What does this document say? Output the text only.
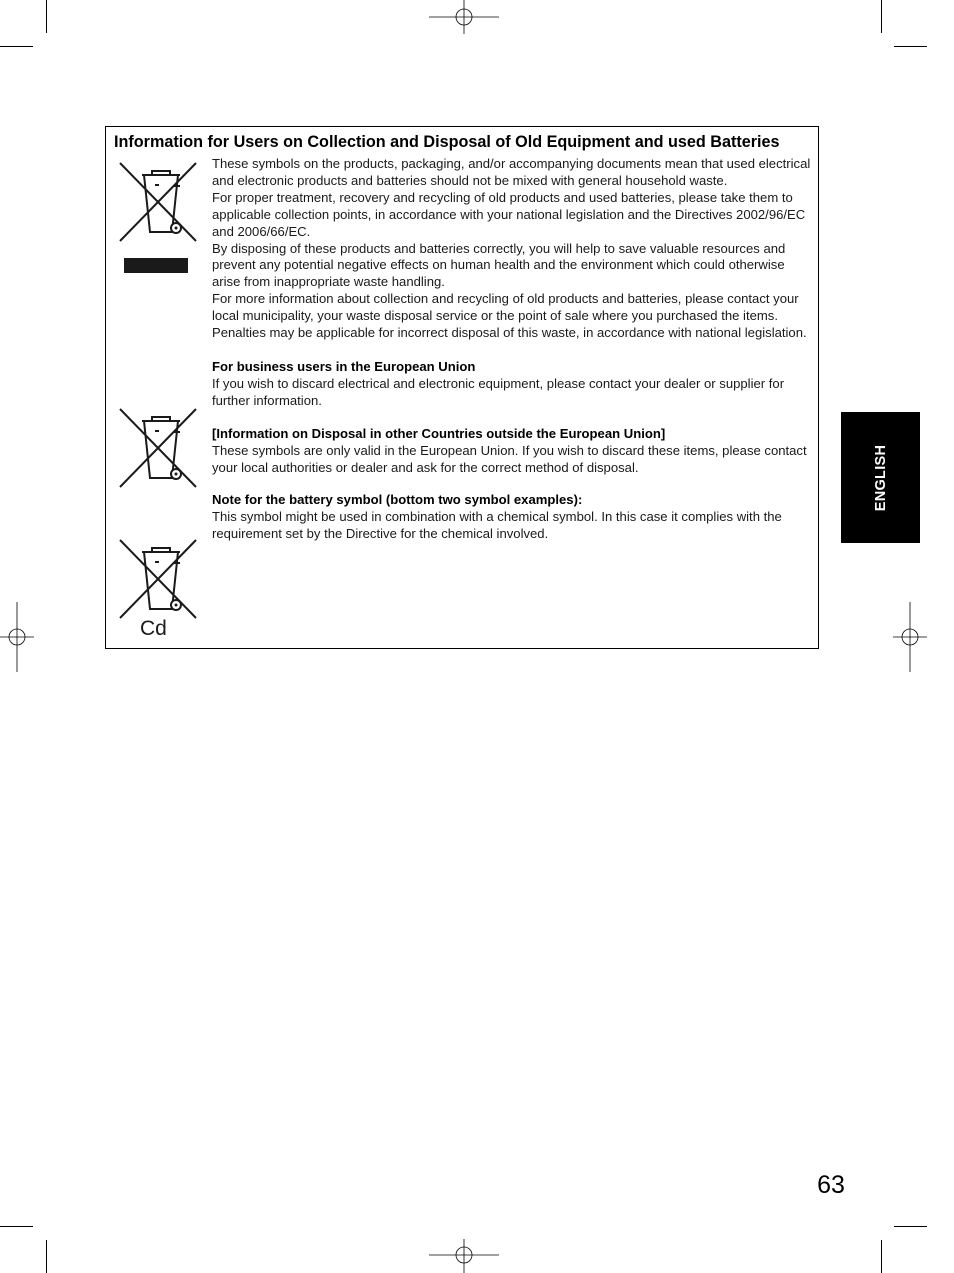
Information for Users on Collection and Disposal of Old Equipment and used Batteries
Cd

These symbols on the products, packaging, and/or accompanying documents mean that used electrical and electronic products and batteries should not be mixed with general household waste.

For proper treatment, recovery and recycling of old products and used batteries, please take them to applicable collection points, in accordance with your national legislation and the Directives 2002/96/EC and 2006/66/EC.

By disposing of these products and batteries correctly, you will help to save valuable resources and prevent any potential negative effects on human health and the environment which could otherwise arise from inappropriate waste handling.

For more information about collection and recycling of old products and batteries, please contact your local municipality, your waste disposal service or the point of sale where you purchased the items.

Penalties may be applicable for incorrect disposal of this waste, in accordance with national legislation.

For business users in the European Union

If you wish to discard electrical and electronic equipment, please contact your dealer or supplier for further information.

[Information on Disposal in other Countries outside the European Union]

These symbols are only valid in the European Union. If you wish to discard these items, please contact your local authorities or dealer and ask for the correct method of disposal.

Note for the battery symbol (bottom two symbol examples):

This symbol might be used in combination with a chemical symbol. In this case it complies with the requirement set by the Directive for the chemical involved.

ENGLISH
63
